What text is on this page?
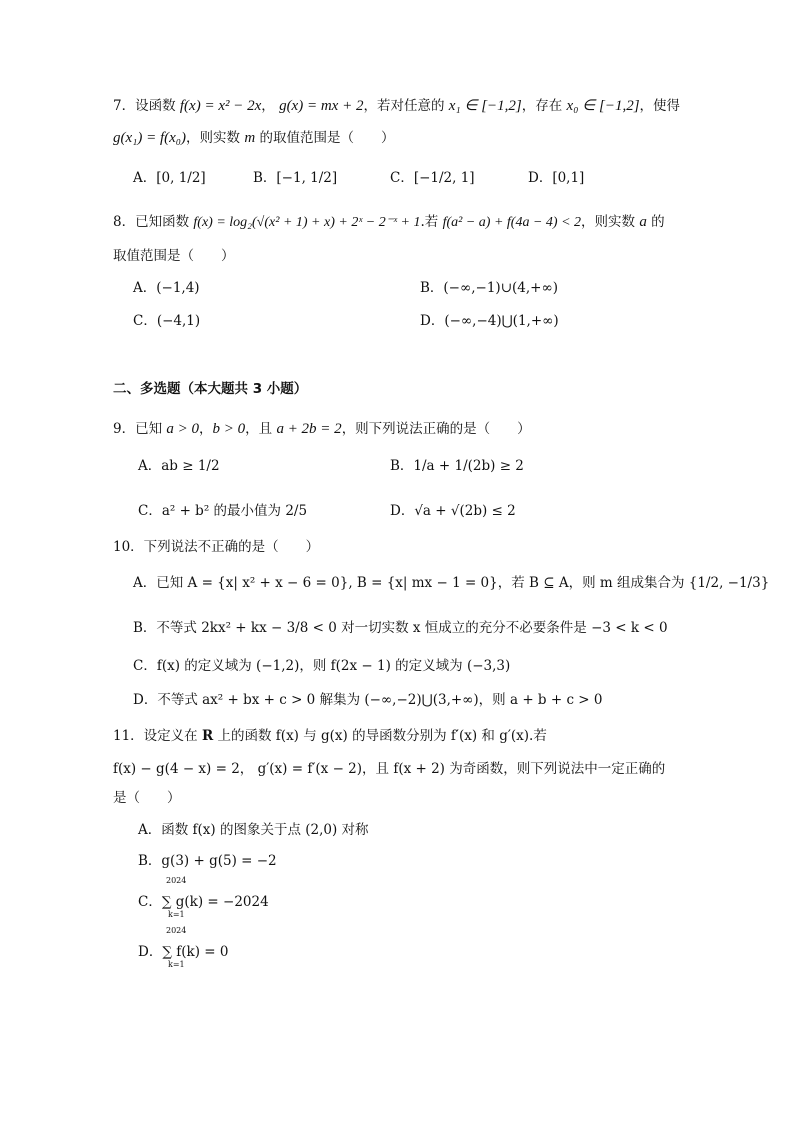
7．设函数 f(x) = x² − 2x， g(x) = mx + 2，若对任意的 x₁ ∈ [−1,2]，存在 x₀ ∈ [−1,2]，使得
g(x₁) = f(x₀)，则实数 m 的取值范围是（　　）
A．[0, 1/2]	B．[−1, 1/2]	C．[−1/2, 1]	D．[0,1]
8．已知函数 f(x) = log₂(√(x² + 1) + x) + 2ˣ − 2⁻ˣ + 1.若 f(a² − a) + f(4a − 4) < 2，则实数 a 的
取值范围是（　　）
A．(−1,4)	B．(−∞,−1)∪(4,+∞)
C．(−4,1)	D．(−∞,−4)⋃(1,+∞)
二、多选题（本大题共 3 小题）
9．已知 a > 0，b > 0，且 a + 2b = 2，则下列说法正确的是（　　）
A．ab ≥ 1/2	B．1/a + 1/(2b) ≥ 2
C．a² + b² 的最小值为 2/5	D．√a + √(2b) ≤ 2
10．下列说法不正确的是（　　）
A．已知 A = {x| x² + x − 6 = 0}, B = {x| mx − 1 = 0}，若 B ⊆ A，则 m 组成集合为 {1/2, −1/3}
B．不等式 2kx² + kx − 3/8 < 0 对一切实数 x 恒成立的充分不必要条件是 −3 < k < 0
C．f(x) 的定义域为 (−1,2)，则 f(2x − 1) 的定义域为 (−3,3)
D．不等式 ax² + bx + c > 0 解集为 (−∞,−2)⋃(3,+∞)，则 a + b + c > 0
11．设定义在 R 上的函数 f(x) 与 g(x) 的导函数分别为 f′(x) 和 g′(x).若
f(x) − g(4 − x) = 2， g′(x) = f′(x − 2)，且 f(x + 2) 为奇函数，则下列说法中一定正确的
是（　　）
A．函数 f(x) 的图象关于点 (2,0) 对称
B．g(3) + g(5) = −2
C．∑ g(k) = −2024
2024
k=1
D．∑ f(k) = 0
2024
k=1
